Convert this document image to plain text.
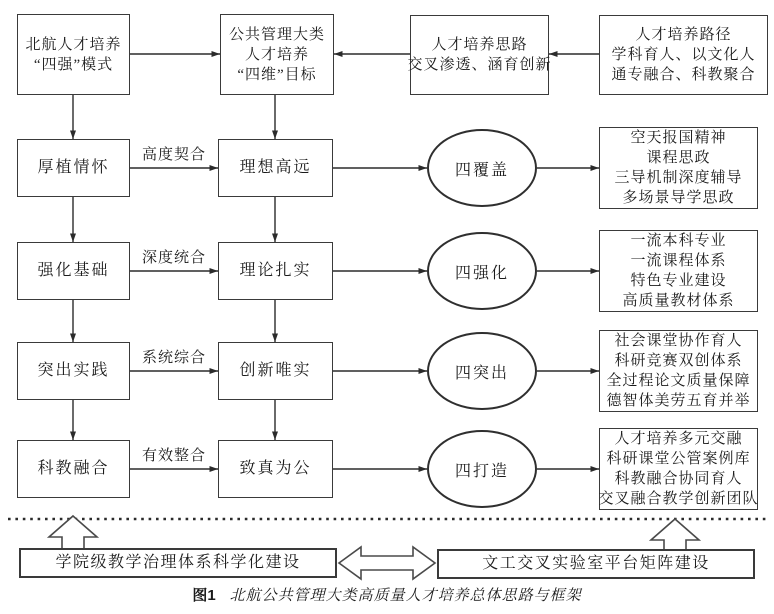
北航人才培养
“四强”模式
公共管理大类
人才培养
“四维”目标
人才培养思路
交叉渗透、涵育创新
人才培养路径
学科育人、以文化人
通专融合、科教聚合
厚植情怀
高度契合
理想高远	四覆盖
空天报国精神
课程思政
三导机制深度辅导
多场景导学思政
强化基础
深度统合
理论扎实	四强化
一流本科专业
一流课程体系
特色专业建设
高质量教材体系
突出实践
系统综合
创新唯实	四突出
社会课堂协作育人
科研竞赛双创体系
全过程论文质量保障
德智体美劳五育并举
科教融合
有效整合
致真为公	四打造
人才培养多元交融
科研课堂公管案例库
科教融合协同育人
交叉融合教学创新团队
学院级教学治理体系科学化建设	文工交叉实验室平台矩阵建设
图1 北航公共管理大类高质量人才培养总体思路与框架
